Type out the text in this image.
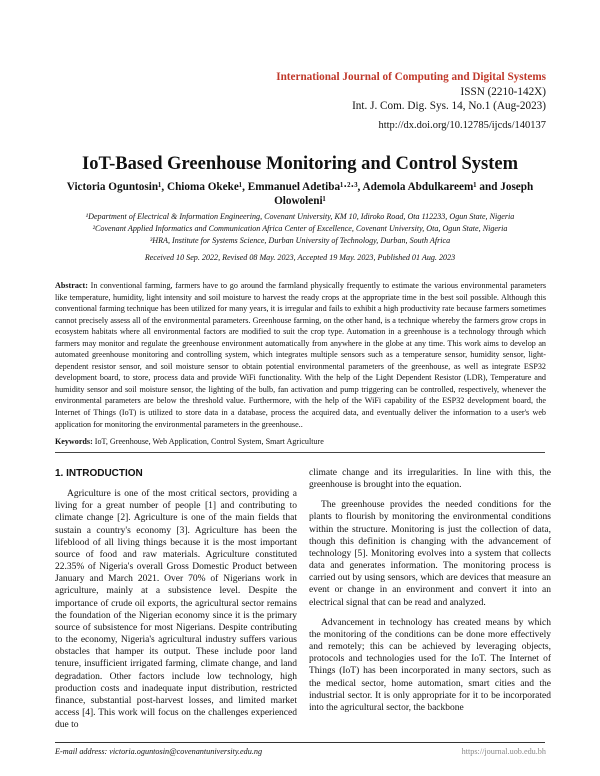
International Journal of Computing and Digital Systems
ISSN (2210-142X)
Int. J. Com. Dig. Sys. 14, No.1 (Aug-2023)
http://dx.doi.org/10.12785/ijcds/140137
IoT-Based Greenhouse Monitoring and Control System
Victoria Oguntosin¹, Chioma Okeke¹, Emmanuel Adetiba¹·²·³, Ademola Abdulkareem¹ and Joseph
Olowoleni¹
¹Department of Electrical & Information Engineering, Covenant University, KM 10, Idiroko Road, Ota 112233, Ogun State, Nigeria
²Covenant Applied Informatics and Communication Africa Center of Excellence, Covenant University, Ota, Ogun State, Nigeria
³HRA, Institute for Systems Science, Durban University of Technology, Durban, South Africa
Received 10 Sep. 2022, Revised 08 May. 2023, Accepted 19 May. 2023, Published 01 Aug. 2023
Abstract: In conventional farming, farmers have to go around the farmland physically frequently to estimate the various environmental parameters like temperature, humidity, light intensity and soil moisture to harvest the ready crops at the appropriate time in the best soil possible. Although this conventional farming technique has been utilized for many years, it is irregular and fails to exhibit a high productivity rate because farmers sometimes cannot precisely assess all of the environmental parameters. Greenhouse farming, on the other hand, is a technique whereby the farmers grow crops in ecosystem habitats where all environmental factors are modified to suit the crop type. Automation in a greenhouse is a technology through which farmers may monitor and regulate the greenhouse environment automatically from anywhere in the globe at any time. This work aims to develop an automated greenhouse monitoring and controlling system, which integrates multiple sensors such as a temperature sensor, humidity sensor, light-dependent resistor sensor, and soil moisture sensor to obtain potential environmental parameters of the greenhouse, as well as integrate ESP32 development board, to store, process data and provide WiFi functionality. With the help of the Light Dependent Resistor (LDR), Temperature and humidity sensor and soil moisture sensor, the lighting of the bulb, fan activation and pump triggering can be controlled, respectively, whenever the environmental parameters are below the threshold value. Furthermore, with the help of the WiFi capability of the ESP32 development board, the Internet of Things (IoT) is utilized to store data in a database, process the acquired data, and eventually deliver the information to a user's web application for monitoring the environmental parameters in the greenhouse..
Keywords: IoT, Greenhouse, Web Application, Control System, Smart Agriculture

1. INTRODUCTION

Agriculture is one of the most critical sectors, providing a living for a great number of people [1] and contributing to climate change [2]. Agriculture is one of the main fields that sustain a country's economy [3]. Agriculture has been the lifeblood of all living things because it is the most important source of food and raw materials. Agriculture constituted 22.35% of Nigeria's overall Gross Domestic Product between January and March 2021. Over 70% of Nigerians work in agriculture, mainly at a subsistence level. Despite the importance of crude oil exports, the agricultural sector remains the foundation of the Nigerian economy since it is the primary source of subsistence for most Nigerians. Despite contributing to the economy, Nigeria's agricultural industry suffers various obstacles that hamper its output. These include poor land tenure, insufficient irrigated farming, climate change, and land degradation. Other factors include low technology, high production costs and inadequate input distribution, restricted finance, substantial post-harvest losses, and limited market access [4]. This work will focus on the challenges experienced due to

climate change and its irregularities. In line with this, the greenhouse is brought into the equation.

The greenhouse provides the needed conditions for the plants to flourish by monitoring the environmental conditions within the structure. Monitoring is just the collection of data, though this definition is changing with the advancement of technology [5]. Monitoring evolves into a system that collects data and generates information. The monitoring process is carried out by using sensors, which are devices that measure an event or change in an environment and convert it into an electrical signal that can be read and analyzed.

Advancement in technology has created means by which the monitoring of the conditions can be done more effectively and remotely; this can be achieved by leveraging objects, protocols and technologies used for the IoT. The Internet of Things (IoT) has been incorporated in many sectors, such as the medical sector, home automation, smart cities and the industrial sector. It is only appropriate for it to be incorporated into the agricultural sector, the backbone

E-mail address: victoria.oguntosin@covenantuniversity.edu.ng	https://journal.uob.edu.bh
